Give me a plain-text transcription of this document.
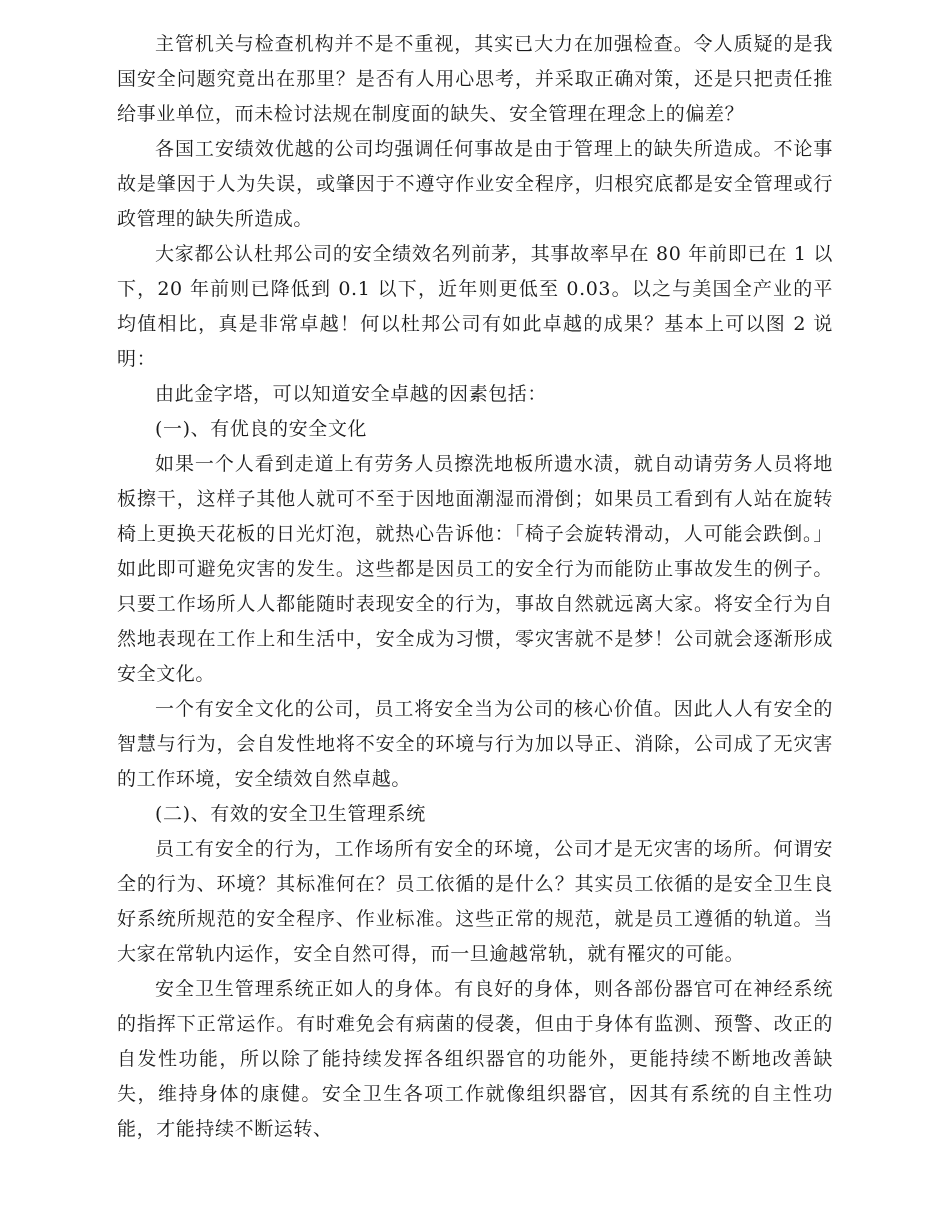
主管机关与检查机构并不是不重视，其实已大力在加强检查。令人质疑的是我国安全问题究竟出在那里？是否有人用心思考，并采取正确对策，还是只把责任推给事业单位，而未检讨法规在制度面的缺失、安全管理在理念上的偏差？

各国工安绩效优越的公司均强调任何事故是由于管理上的缺失所造成。不论事故是肇因于人为失误，或肇因于不遵守作业安全程序，归根究底都是安全管理或行政管理的缺失所造成。

大家都公认杜邦公司的安全绩效名列前茅，其事故率早在 80 年前即已在 1 以下，20 年前则已降低到 0.1 以下，近年则更低至 0.03。以之与美国全产业的平均值相比，真是非常卓越！何以杜邦公司有如此卓越的成果？基本上可以图 2 说明：

由此金字塔，可以知道安全卓越的因素包括：

(一)、有优良的安全文化

如果一个人看到走道上有劳务人员擦洗地板所遗水渍，就自动请劳务人员将地板擦干，这样子其他人就可不至于因地面潮湿而滑倒；如果员工看到有人站在旋转椅上更换天花板的日光灯泡，就热心告诉他：「椅子会旋转滑动，人可能会跌倒。」如此即可避免灾害的发生。这些都是因员工的安全行为而能防止事故发生的例子。只要工作场所人人都能随时表现安全的行为，事故自然就远离大家。将安全行为自然地表现在工作上和生活中，安全成为习惯，零灾害就不是梦！公司就会逐渐形成安全文化。

一个有安全文化的公司，员工将安全当为公司的核心价值。因此人人有安全的智慧与行为，会自发性地将不安全的环境与行为加以导正、消除，公司成了无灾害的工作环境，安全绩效自然卓越。

(二)、有效的安全卫生管理系统

员工有安全的行为，工作场所有安全的环境，公司才是无灾害的场所。何谓安全的行为、环境？其标准何在？员工依循的是什么？其实员工依循的是安全卫生良好系统所规范的安全程序、作业标准。这些正常的规范，就是员工遵循的轨道。当大家在常轨内运作，安全自然可得，而一旦逾越常轨，就有罹灾的可能。

安全卫生管理系统正如人的身体。有良好的身体，则各部份器官可在神经系统的指挥下正常运作。有时难免会有病菌的侵袭，但由于身体有监测、预警、改正的自发性功能，所以除了能持续发挥各组织器官的功能外，更能持续不断地改善缺失，维持身体的康健。安全卫生各项工作就像组织器官，因其有系统的自主性功能，才能持续不断运转、
